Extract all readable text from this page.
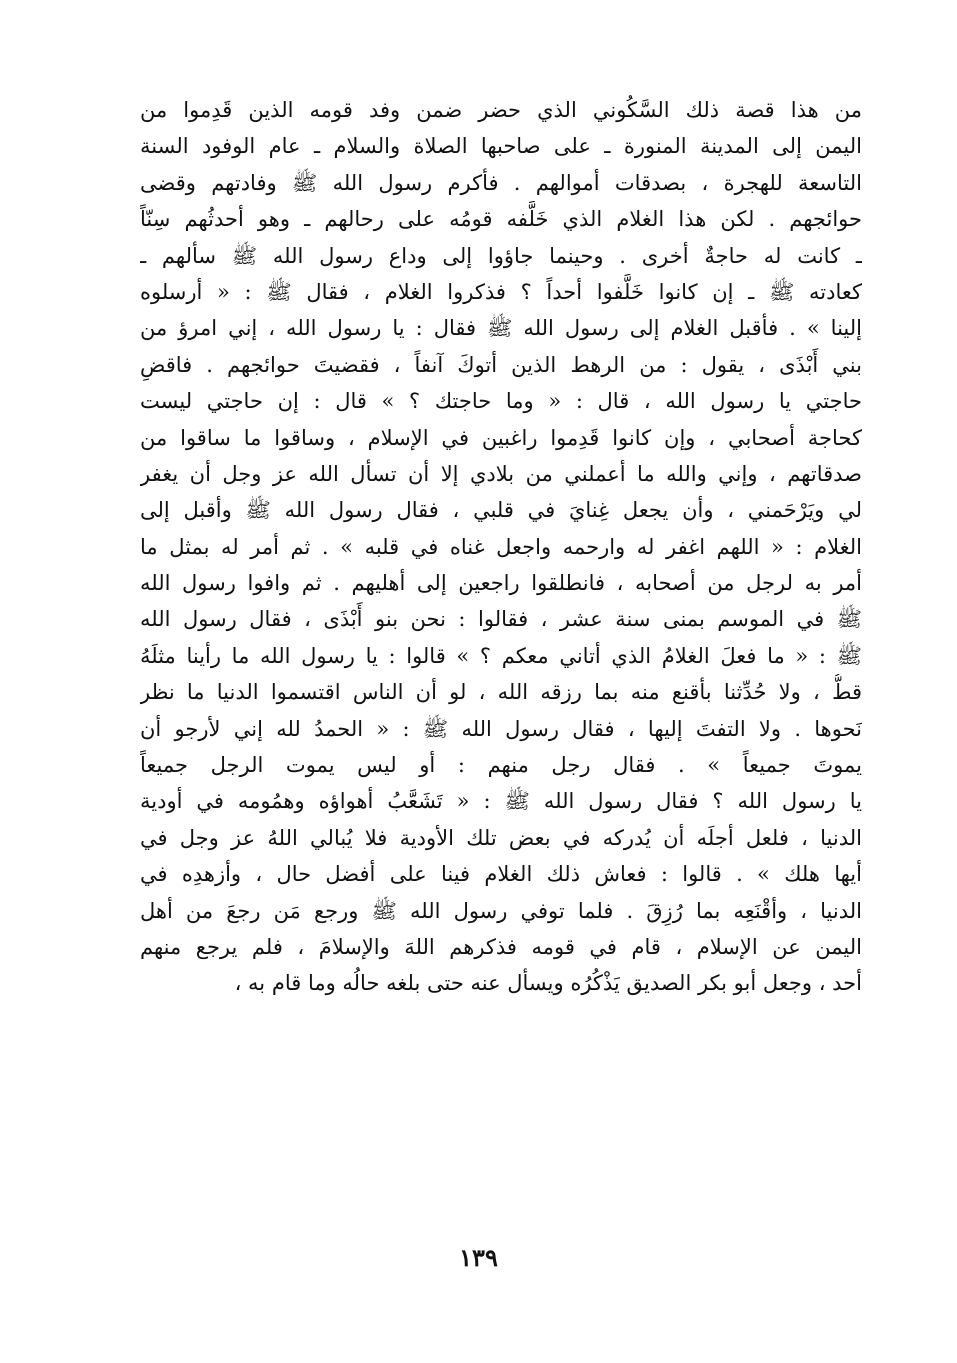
من هذا قصة ذلك السَّكُوني الذي حضر ضمن وفد قومه الذين قَدِموا من
اليمن إلى المدينة المنورة ـ على صاحبها الصلاة والسلام ـ عام الوفود السنة
التاسعة للهجرة ، بصدقات أموالهم . فأكرم رسول الله ﷺ وفادتهم وقضى
حوائجهم . لكن هذا الغلام الذي خَلَّفه قومُه على رحالهم ـ وهو أحدثُهم سِنّاً
ـ كانت له حاجةٌ أخرى . وحينما جاؤوا إلى وداع رسول الله ﷺ سألهم ـ
كعادته ﷺ ـ إن كانوا خَلَّفوا أحداً ؟ فذكروا الغلام ، فقال ﷺ : « أرسلوه
إلينا » . فأقبل الغلام إلى رسول الله ﷺ فقال : يا رسول الله ، إني امرؤ من
بني أَبْذَى ، يقول : من الرهط الذين أتوكَ آنفاً ، فقضيتَ حوائجهم . فاقضِ
حاجتي يا رسول الله ، قال : « وما حاجتك ؟ » قال : إن حاجتي ليست
كحاجة أصحابي ، وإن كانوا قَدِموا راغبين في الإسلام ، وساقوا ما ساقوا من
صدقاتهم ، وإني والله ما أعملني من بلادي إلا أن تسأل الله عز وجل أن يغفر
لي ويَرْحَمني ، وأن يجعل غِنايَ في قلبي ، فقال رسول الله ﷺ وأقبل إلى
الغلام : « اللهم اغفر له وارحمه واجعل غناه في قلبه » . ثم أمر له بمثل ما
أمر به لرجل من أصحابه ، فانطلقوا راجعين إلى أهليهم . ثم وافوا رسول الله
ﷺ في الموسم بمنى سنة عشر ، فقالوا : نحن بنو أَبْذَى ، فقال رسول الله
ﷺ : « ما فعلَ الغلامُ الذي أتاني معكم ؟ » قالوا : يا رسول الله ما رأينا مثلَهُ
قطُّ ، ولا حُدِّثنا بأقنع منه بما رزقه الله ، لو أن الناس اقتسموا الدنيا ما نظر
نَحوها . ولا التفتَ إليها ، فقال رسول الله ﷺ : « الحمدُ لله إني لأرجو أن
يموتَ جميعاً » . فقال رجل منهم : أو ليس يموت الرجل جميعاً
يا رسول الله ؟ فقال رسول الله ﷺ : « تَشَعَّبُ أهواؤه وهمُومه في أودية
الدنيا ، فلعل أجلَه أن يُدركه في بعض تلك الأودية فلا يُبالي اللهُ عز وجل في
أيها هلك » . قالوا : فعاش ذلك الغلام فينا على أفضل حال ، وأزهدِه في
الدنيا ، وأقْنَعِه بما رُزِقَ . فلما توفي رسول الله ﷺ ورجع مَن رجعَ من أهل
اليمن عن الإسلام ، قام في قومه فذكرهم اللهَ والإسلامَ ، فلم يرجع منهم
أحد ، وجعل أبو بكر الصديق يَذْكُرُه ويسأل عنه حتى بلغه حالُه وما قام به ،
١٣٩
